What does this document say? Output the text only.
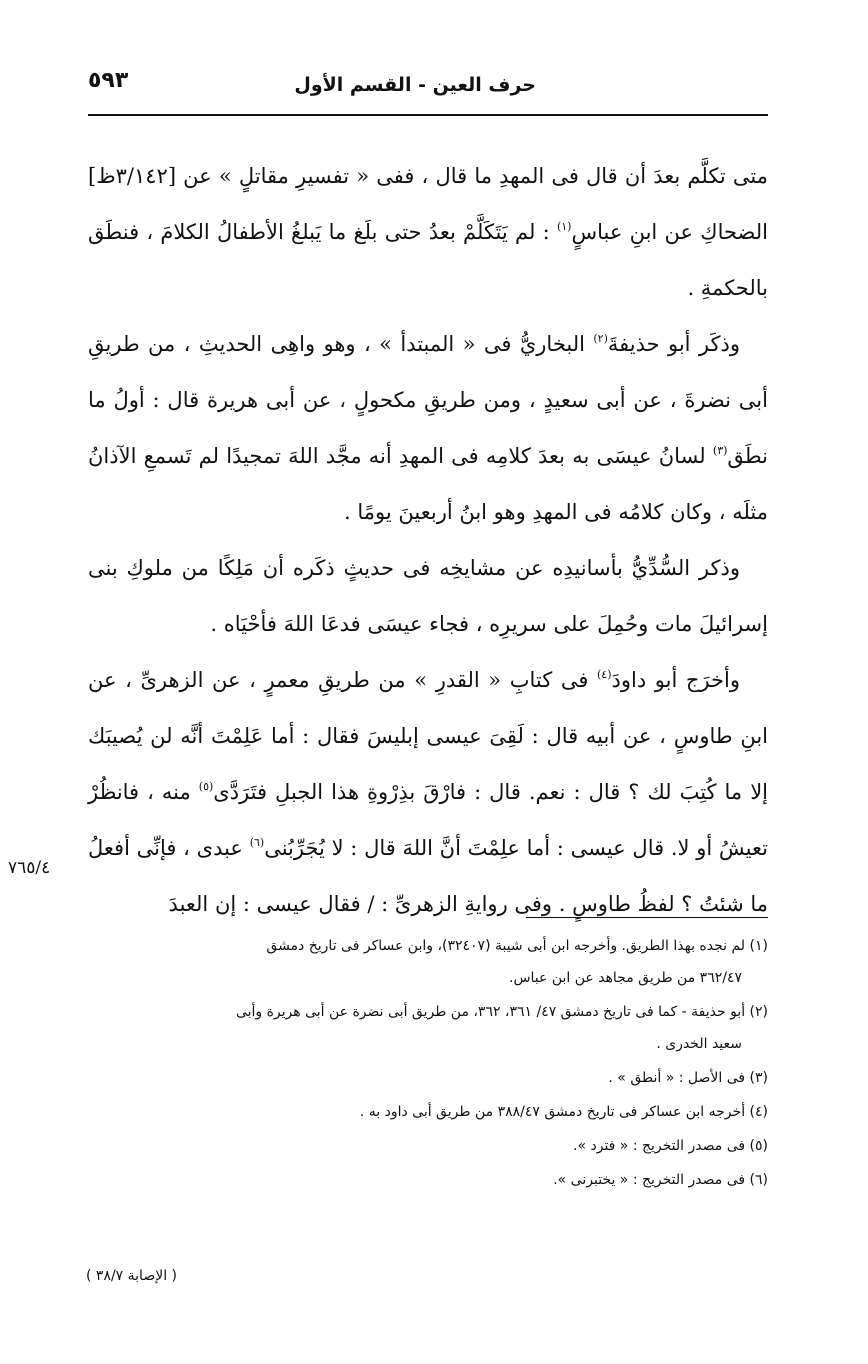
حرف العين - القسم الأول
٥٩٣

متى تكلَّم بعدَ أن قال فى المهدِ ما قال ، ففى « تفسيرِ مقاتلٍ » عن [٣/١٤٢ظ] الضحاكِ عن ابنِ عباسٍ$^{(١)}$ : لم يَتَكَلَّمْ بعدُ حتى بلَغ ما يَبلغُ الأطفالُ الكلامَ ، فنطَق بالحكمةِ .

وذكَر أبو حذيفةَ$^{(٢)}$ البخاريُّ فى « المبتدأ » ، وهو واهِى الحديثِ ، من طريقِ أبى نضرةَ ، عن أبى سعيدٍ ، ومن طريقِ مكحولٍ ، عن أبى هريرة قال : أولُ ما نطَق$^{(٣)}$ لسانُ عيسَى به بعدَ كلامِه فى المهدِ أنه مجَّد اللهَ تمجيدًا لم تَسمعِ الآذانُ مثلَه ، وكان كلامُه فى المهدِ وهو ابنُ أربعينَ يومًا .

وذكر السُّدِّيُّ بأسانيدِه عن مشايخِه فى حديثٍ ذكَره أن مَلِكًا من ملوكِ بنى إسرائيلَ مات وحُمِلَ على سريرِه ، فجاء عيسَى فدعَا اللهَ فأحْيَاه .

وأخرَج أبو داودَ$^{(٤)}$ فى كتابِ « القدرِ » من طريقِ معمرٍ ، عن الزهرىِّ ، عن ابنِ طاوسٍ ، عن أبيه قال : لَقِىَ عيسى إبليسَ فقال : أما عَلِمْتَ أنَّه لن يُصيبَك إلا ما كُتِبَ لك ؟ قال : نعم. قال : فارْقَ بذِرْوةِ هذا الجبلِ فتَرَدَّى$^{(٥)}$ منه ، فانظُرْ تعيشُ أو لا. قال عيسى : أما علِمْتَ أنَّ اللهَ قال : لا يُجَرِّبُنى$^{(٦)}$ عبدى ، فإنِّى أفعلُ ما شئتُ ؟ لفظُ طاوسٍ . وفى روايةِ الزهرىِّ : / فقال عيسى : إن العبدَ

٧٦٥/٤
(١) لم نجده بهذا الطريق. وأخرجه ابن أبى شيبة (٣٢٤٠٧)، وابن عساكر فى تاريخ دمشق
٣٦٢/٤٧ من طريق مجاهد عن ابن عباس.
(٢) أبو حذيفة - كما فى تاريخ دمشق ٤٧/ ٣٦١، ٣٦٢، من طريق أبى نضرة عن أبى هريرة وأبى
سعيد الخدرى .
(٣) فى الأصل : « أنطق » .
(٤) أخرجه ابن عساكر فى تاريخ دمشق ٣٨٨/٤٧ من طريق أبى داود به .
(٥) فى مصدر التخريج : « فترد ».
(٦) فى مصدر التخريج : « يختبرنى ».
( الإصابة ٣٨/٧ )
